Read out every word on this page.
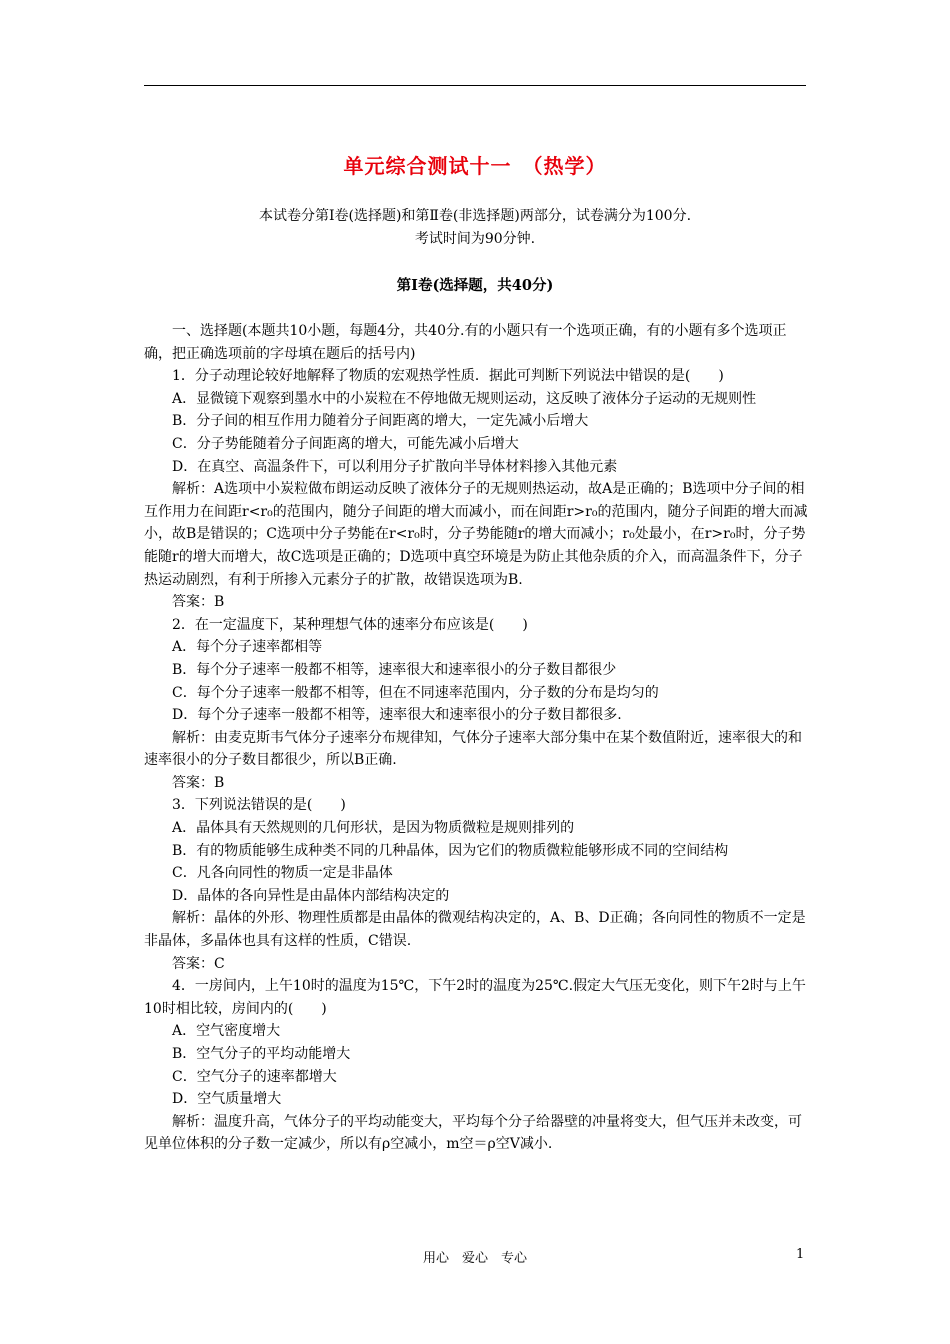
单元综合测试十一　（热学）
本试卷分第Ⅰ卷(选择题)和第Ⅱ卷(非选择题)两部分，试卷满分为100分.
考试时间为90分钟.
第Ⅰ卷(选择题，共40分)

一、选择题(本题共10小题，每题4分，共40分.有的小题只有一个选项正确，有的小题有多个选项正确，把正确选项前的字母填在题后的括号内)

1．分子动理论较好地解释了物质的宏观热学性质．据此可判断下列说法中错误的是(　　)

A．显微镜下观察到墨水中的小炭粒在不停地做无规则运动，这反映了液体分子运动的无规则性

B．分子间的相互作用力随着分子间距离的增大，一定先减小后增大

C．分子势能随着分子间距离的增大，可能先减小后增大

D．在真空、高温条件下，可以利用分子扩散向半导体材料掺入其他元素

解析：A选项中小炭粒做布朗运动反映了液体分子的无规则热运动，故A是正确的；B选项中分子间的相互作用力在间距r<r₀的范围内，随分子间距的增大而减小，而在间距r>r₀的范围内，随分子间距的增大而减小，故B是错误的；C选项中分子势能在r<r₀时，分子势能随r的增大而减小；r₀处最小，在r>r₀时，分子势能随r的增大而增大，故C选项是正确的；D选项中真空环境是为防止其他杂质的介入，而高温条件下，分子热运动剧烈，有利于所掺入元素分子的扩散，故错误选项为B.

答案：B

2．在一定温度下，某种理想气体的速率分布应该是(　　)

A．每个分子速率都相等

B．每个分子速率一般都不相等，速率很大和速率很小的分子数目都很少

C．每个分子速率一般都不相等，但在不同速率范围内，分子数的分布是均匀的

D．每个分子速率一般都不相等，速率很大和速率很小的分子数目都很多.

解析：由麦克斯韦气体分子速率分布规律知，气体分子速率大部分集中在某个数值附近，速率很大的和速率很小的分子数目都很少，所以B正确.

答案：B

3．下列说法错误的是(　　)

A．晶体具有天然规则的几何形状，是因为物质微粒是规则排列的

B．有的物质能够生成种类不同的几种晶体，因为它们的物质微粒能够形成不同的空间结构

C．凡各向同性的物质一定是非晶体

D．晶体的各向异性是由晶体内部结构决定的

解析：晶体的外形、物理性质都是由晶体的微观结构决定的，A、B、D正确；各向同性的物质不一定是非晶体，多晶体也具有这样的性质，C错误.

答案：C

4．一房间内，上午10时的温度为15℃，下午2时的温度为25℃.假定大气压无变化，则下午2时与上午10时相比较，房间内的(　　)

A．空气密度增大

B．空气分子的平均动能增大

C．空气分子的速率都增大

D．空气质量增大

解析：温度升高，气体分子的平均动能变大，平均每个分子给器壁的冲量将变大，但气压并未改变，可见单位体积的分子数一定减少，所以有ρ空减小，m空＝ρ空V减小.

用心　爱心　专心	1
